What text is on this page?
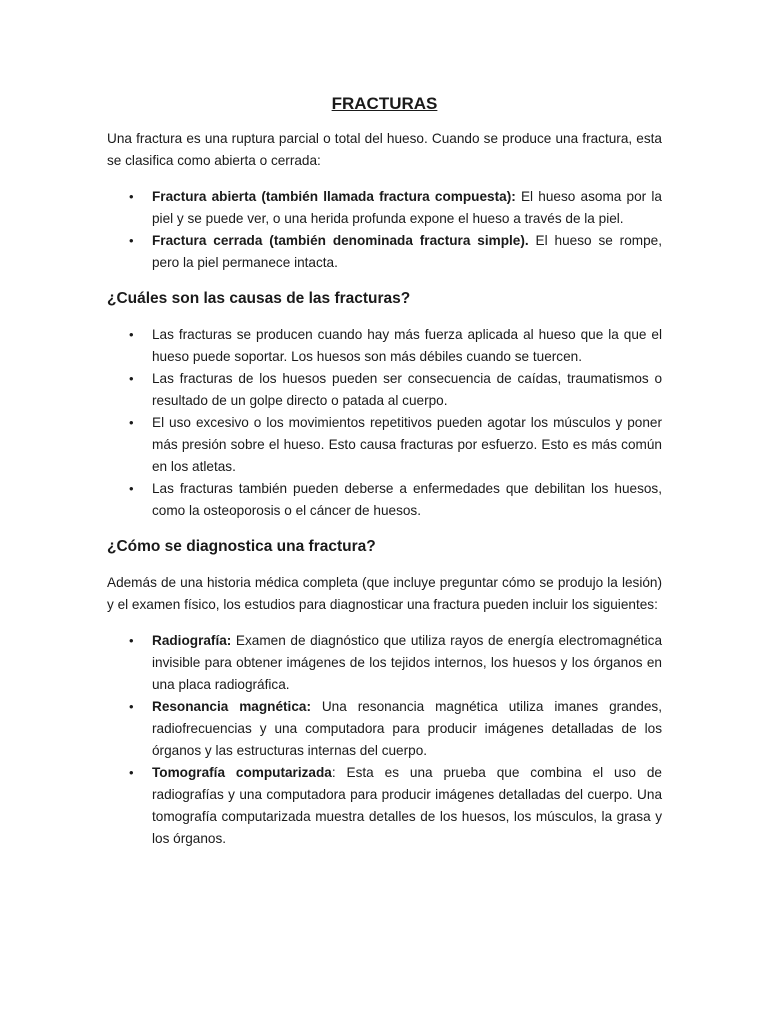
FRACTURAS

Una fractura es una ruptura parcial o total del hueso. Cuando se produce una fractura, esta se clasifica como abierta o cerrada:

• Fractura abierta (también llamada fractura compuesta): El hueso asoma por la piel y se puede ver, o una herida profunda expone el hueso a través de la piel.
• Fractura cerrada (también denominada fractura simple). El hueso se rompe, pero la piel permanece intacta.
¿Cuáles son las causas de las fracturas?
• Las fracturas se producen cuando hay más fuerza aplicada al hueso que la que el hueso puede soportar. Los huesos son más débiles cuando se tuercen.
• Las fracturas de los huesos pueden ser consecuencia de caídas, traumatismos o resultado de un golpe directo o patada al cuerpo.
• El uso excesivo o los movimientos repetitivos pueden agotar los músculos y poner más presión sobre el hueso. Esto causa fracturas por esfuerzo. Esto es más común en los atletas.
• Las fracturas también pueden deberse a enfermedades que debilitan los huesos, como la osteoporosis o el cáncer de huesos.
¿Cómo se diagnostica una fractura?

Además de una historia médica completa (que incluye preguntar cómo se produjo la lesión) y el examen físico, los estudios para diagnosticar una fractura pueden incluir los siguientes:

• Radiografía: Examen de diagnóstico que utiliza rayos de energía electromagnética invisible para obtener imágenes de los tejidos internos, los huesos y los órganos en una placa radiográfica.
• Resonancia magnética: Una resonancia magnética utiliza imanes grandes, radiofrecuencias y una computadora para producir imágenes detalladas de los órganos y las estructuras internas del cuerpo.
• Tomografía computarizada: Esta es una prueba que combina el uso de radiografías y una computadora para producir imágenes detalladas del cuerpo. Una tomografía computarizada muestra detalles de los huesos, los músculos, la grasa y los órganos.
